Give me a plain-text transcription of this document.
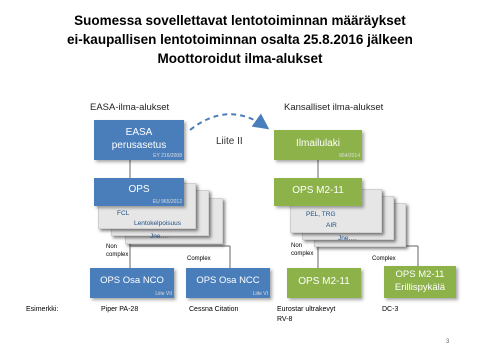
Suomessa sovellettavat lentotoiminnan määräykset
ei-kaupallisen lentotoiminnan osalta 25.8.2016 jälkeen
Moottoroidut ilma-alukset
EASA-ilma-alukset	Kansalliset ilma-alukset
Liite II
EASA
perusasetus
EY 216/2008
FCL
Lentokelpoisuus
Jne….
OPS
EU 965/2012
Non
complex
Complex
OPS Osa NCO
Liite VII
OPS Osa NCC
Liite VI
Ilmailulaki
864/2014
PEL, TRG
AIR
Jne….
OPS M2-11
Non
complex
Complex
OPS M2-11
OPS M2-11
Erillispykälä
Esimerkki:	Piper PA-28	Cessna Citation	Eurostar ultrakevyt
RV-8
DC-3
3
